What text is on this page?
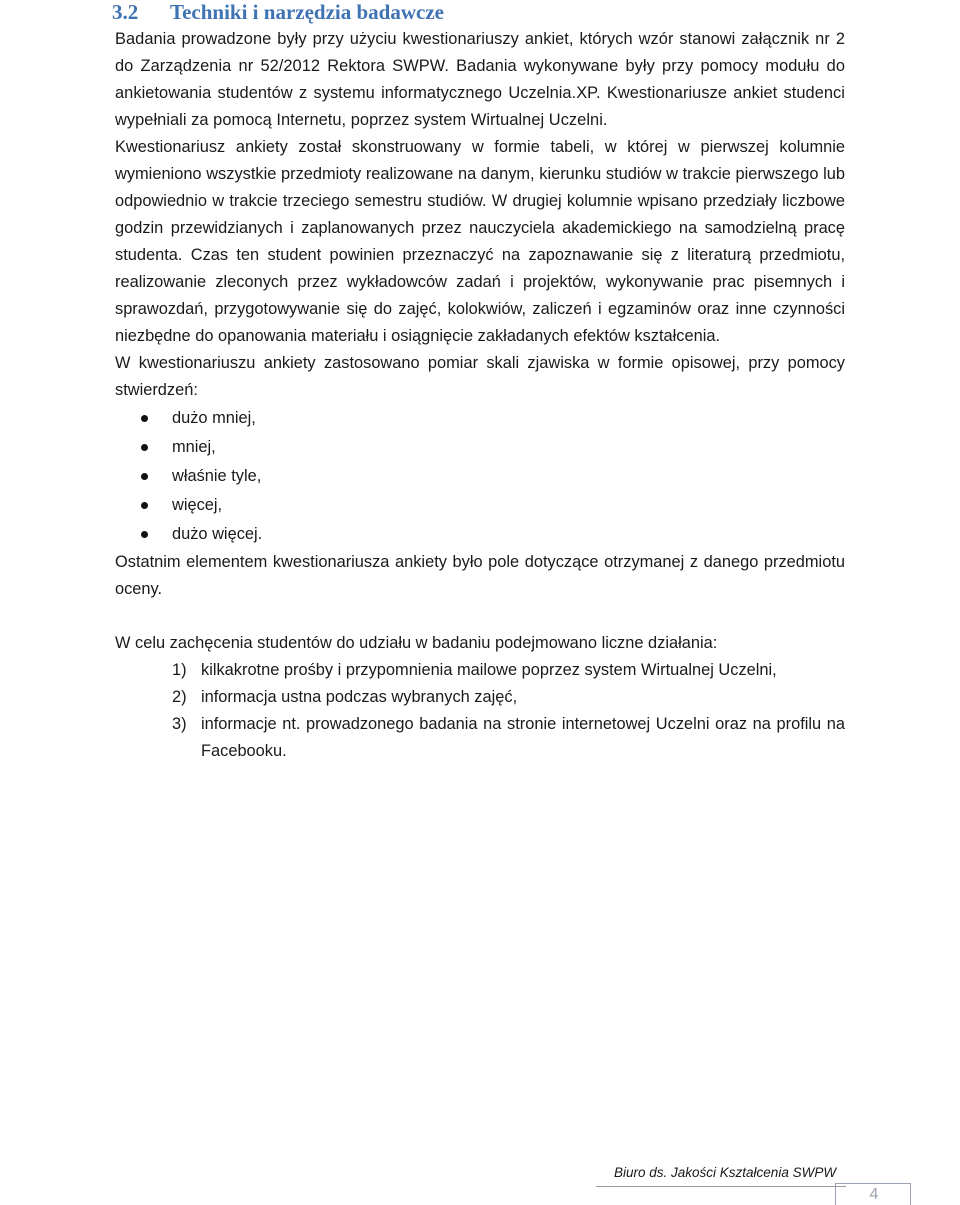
3.2 Techniki i narzędzia badawcze

Badania prowadzone były przy użyciu kwestionariuszy ankiet, których wzór stanowi załącznik nr 2 do Zarządzenia nr 52/2012 Rektora SWPW. Badania wykonywane były przy pomocy modułu do ankietowania studentów z systemu informatycznego Uczelnia.XP. Kwestionariusze ankiet studenci wypełniali za pomocą Internetu, poprzez system Wirtualnej Uczelni.

Kwestionariusz ankiety został skonstruowany w formie tabeli, w której w pierwszej kolumnie wymieniono wszystkie przedmioty realizowane na danym, kierunku studiów w trakcie pierwszego lub odpowiednio w trakcie trzeciego semestru studiów. W drugiej kolumnie wpisano przedziały liczbowe godzin przewidzianych i zaplanowanych przez nauczyciela akademickiego na samodzielną pracę studenta. Czas ten student powinien przeznaczyć na zapoznawanie się z literaturą przedmiotu, realizowanie zleconych przez wykładowców zadań i projektów, wykonywanie prac pisemnych i sprawozdań, przygotowywanie się do zajęć, kolokwiów, zaliczeń i egzaminów oraz inne czynności niezbędne do opanowania materiału i osiągnięcie zakładanych efektów kształcenia.

W kwestionariuszu ankiety zastosowano pomiar skali zjawiska w formie opisowej, przy pomocy stwierdzeń:

dużo mniej,
mniej,
właśnie tyle,
więcej,
dużo więcej.

Ostatnim elementem kwestionariusza ankiety było pole dotyczące otrzymanej z danego przedmiotu oceny.

W celu zachęcenia studentów do udziału w badaniu podejmowano liczne działania:

1) kilkakrotne prośby i przypomnienia mailowe poprzez system Wirtualnej Uczelni,
2) informacja ustna podczas wybranych zajęć,
3) informacje nt. prowadzonego badania na stronie internetowej Uczelni oraz na profilu na Facebooku.
Biuro ds. Jakości Kształcenia SWPW
4
